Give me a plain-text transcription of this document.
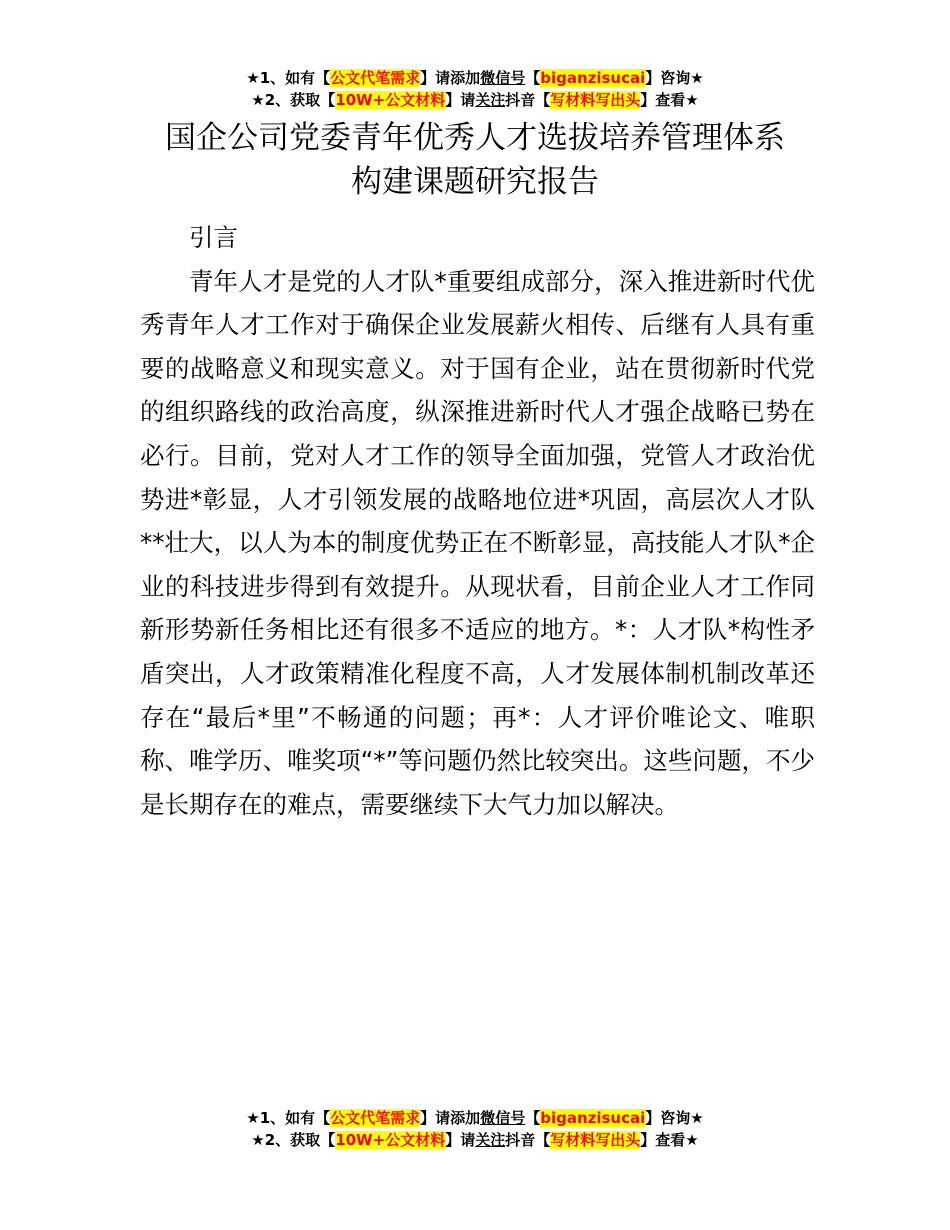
★1、如有【公文代笔需求】请添加微信号【biganzisucai】咨询★
★2、获取【10W+公文材料】请关注抖音【写材料写出头】查看★
国企公司党委青年优秀人才选拔培养管理体系
构建课题研究报告
引言

青年人才是党的人才队*重要组成部分，深入推进新时代优秀青年人才工作对于确保企业发展薪火相传、后继有人具有重要的战略意义和现实意义。对于国有企业，站在贯彻新时代党的组织路线的政治高度，纵深推进新时代人才强企战略已势在必行。目前，党对人才工作的领导全面加强，党管人才政治优势进*彰显，人才引领发展的战略地位进*巩固，高层次人才队**壮大，以人为本的制度优势正在不断彰显，高技能人才队*企业的科技进步得到有效提升。从现状看，目前企业人才工作同新形势新任务相比还有很多不适应的地方。*：人才队*构性矛盾突出，人才政策精准化程度不高，人才发展体制机制改革还存在“最后*里”不畅通的问题；再*：人才评价唯论文、唯职称、唯学历、唯奖项“*”等问题仍然比较突出。这些问题，不少是长期存在的难点，需要继续下大气力加以解决。

★1、如有【公文代笔需求】请添加微信号【biganzisucai】咨询★
★2、获取【10W+公文材料】请关注抖音【写材料写出头】查看★
